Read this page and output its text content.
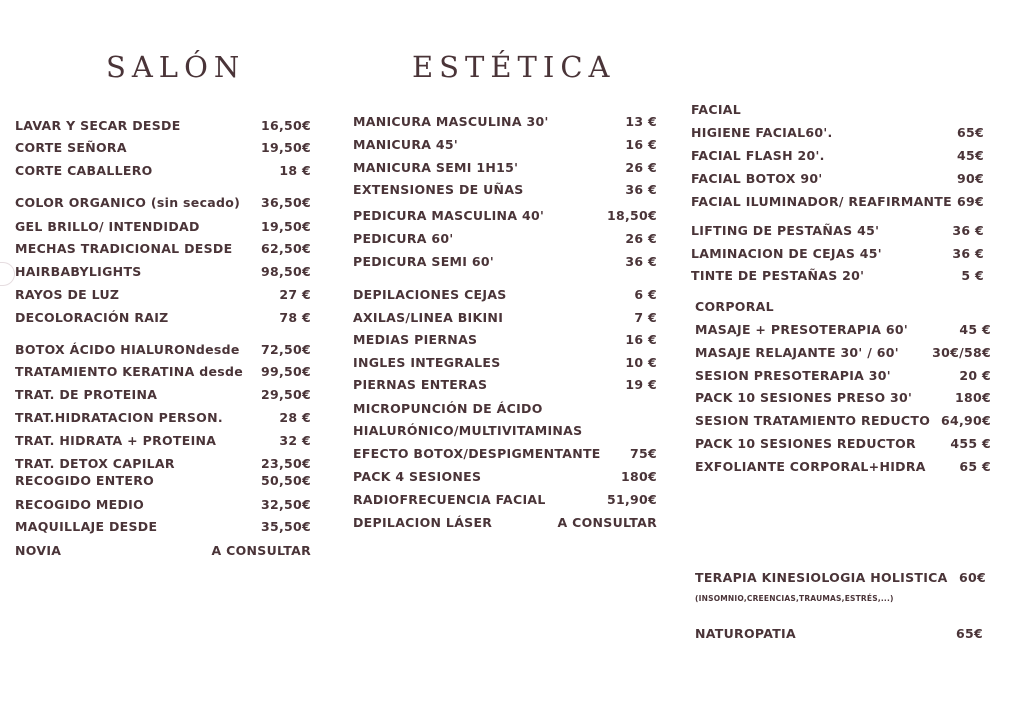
SALÓN	ESTÉTICA
LAVAR Y SECAR DESDE	16,50€
CORTE SEÑORA	19,50€
CORTE CABALLERO	18 €
COLOR ORGANICO (sin secado) 36,50€
GEL BRILLO/ INTENDIDAD	19,50€
MECHAS TRADICIONAL DESDE 62,50€
HAIRBABYLIGHTS	98,50€
RAYOS DE LUZ	27 €
DECOLORACIÓN RAIZ	78 €
BOTOX ÁCIDO HIALURONdesde 72,50€
TRATAMIENTO KERATINA desde 99,50€
TRAT. DE PROTEINA	29,50€
TRAT.HIDRATACION PERSON.	28 €
TRAT. HIDRATA + PROTEINA	32 €
TRAT. DETOX CAPILAR	23,50€
RECOGIDO ENTERO	50,50€
RECOGIDO MEDIO	32,50€
MAQUILLAJE DESDE	35,50€
NOVIA	A CONSULTAR
MANICURA MASCULINA 30'	13 €
MANICURA 45'	16 €
MANICURA SEMI 1H15'	26 €
EXTENSIONES DE UÑAS	36 €
PEDICURA MASCULINA 40'	18,50€
PEDICURA 60'	26 €
PEDICURA SEMI 60'	36 €
DEPILACIONES CEJAS	6 €
AXILAS/LINEA BIKINI	7 €
MEDIAS PIERNAS	16 €
INGLES INTEGRALES	10 €
PIERNAS ENTERAS	19 €
MICROPUNCIÓN DE ÁCIDO
HIALURÓNICO/MULTIVITAMINAS
EFECTO BOTOX/DESPIGMENTANTE 75€
PACK 4 SESIONES	180€
RADIOFRECUENCIA FACIAL	51,90€
DEPILACION LÁSER	A CONSULTAR
FACIAL
HIGIENE FACIAL60'.	65€
FACIAL FLASH 20'.	45€
FACIAL BOTOX 90'	90€
FACIAL ILUMINADOR/ REAFIRMANTE 69€
LIFTING DE PESTAÑAS 45'	36 €
LAMINACION DE CEJAS 45'	36 €
TINTE DE PESTAÑAS 20'	5 €
CORPORAL
MASAJE + PRESOTERAPIA 60'	45 €
MASAJE RELAJANTE 30' / 60'	30€/58€
SESION PRESOTERAPIA 30'	20 €
PACK 10 SESIONES PRESO 30'	180€
SESION TRATAMIENTO REDUCTO 64,90€
PACK 10 SESIONES REDUCTOR	455 €
EXFOLIANTE CORPORAL+HIDRA	65 €
TERAPIA KINESIOLOGIA HOLISTICA 60€
(INSOMNIO,CREENCIAS,TRAUMAS,ESTRÉS,...)
NATUROPATIA	65€
